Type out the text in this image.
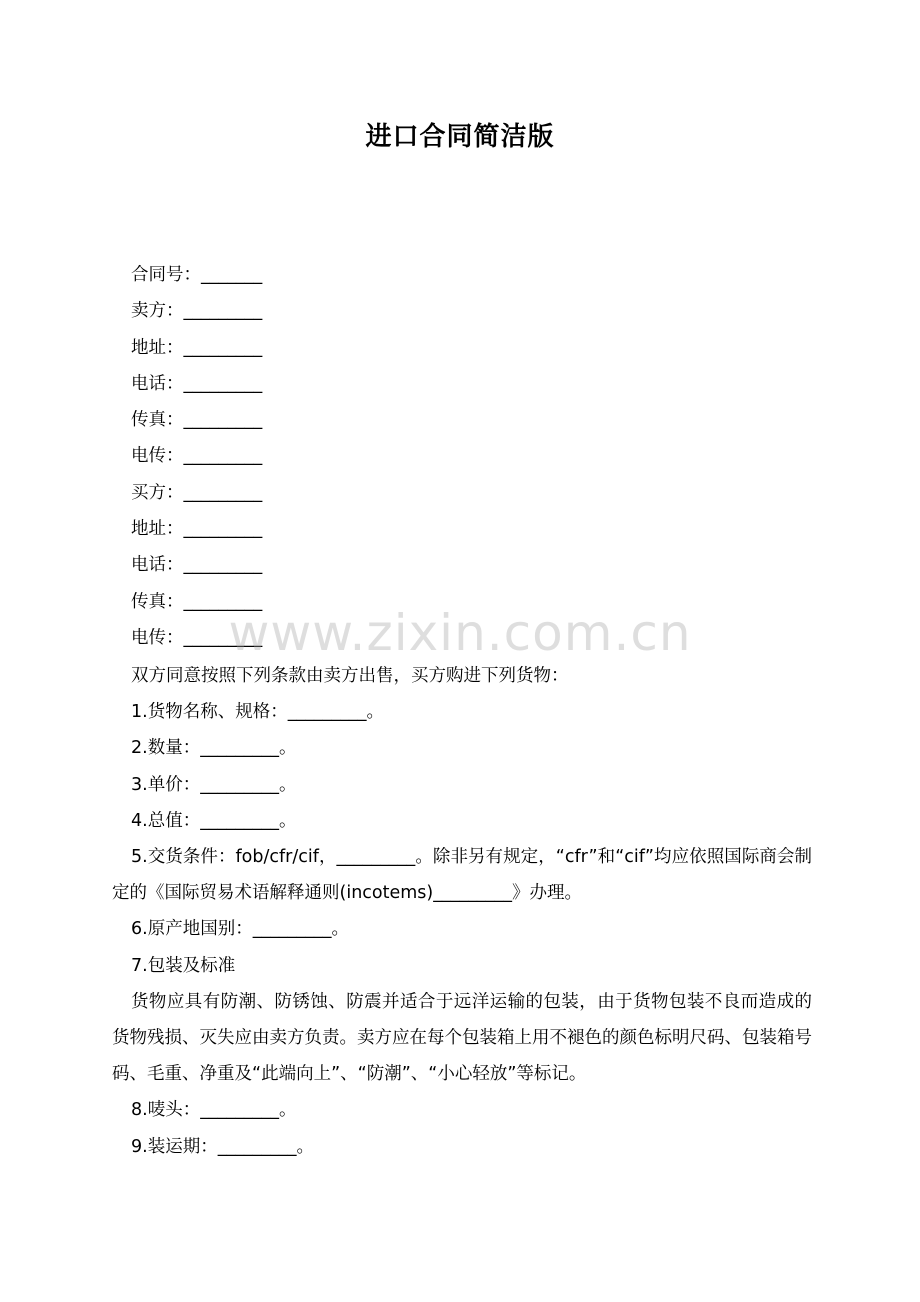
进口合同简洁版
合同号：_______
卖方：_________
地址：_________
电话：_________
传真：_________
电传：_________
买方：_________
地址：_________
电话：_________
传真：_________
电传：_________
www.zixin.com.cn
双方同意按照下列条款由卖方出售，买方购进下列货物：
1.货物名称、规格：_________。
2.数量：_________。
3.单价：_________。
4.总值：_________。
5.交货条件：fob/cfr/cif，_________。除非另有规定，“cfr”和“cif”均应依照国际商会制定的《国际贸易术语解释通则(incotems)_________》办理。
6.原产地国别：_________。
7.包装及标准
货物应具有防潮、防锈蚀、防震并适合于远洋运输的包装，由于货物包装不良而造成的货物残损、灭失应由卖方负责。卖方应在每个包装箱上用不褪色的颜色标明尺码、包装箱号码、毛重、净重及“此端向上”、“防潮”、“小心轻放”等标记。
8.唛头：_________。
9.装运期：_________。
